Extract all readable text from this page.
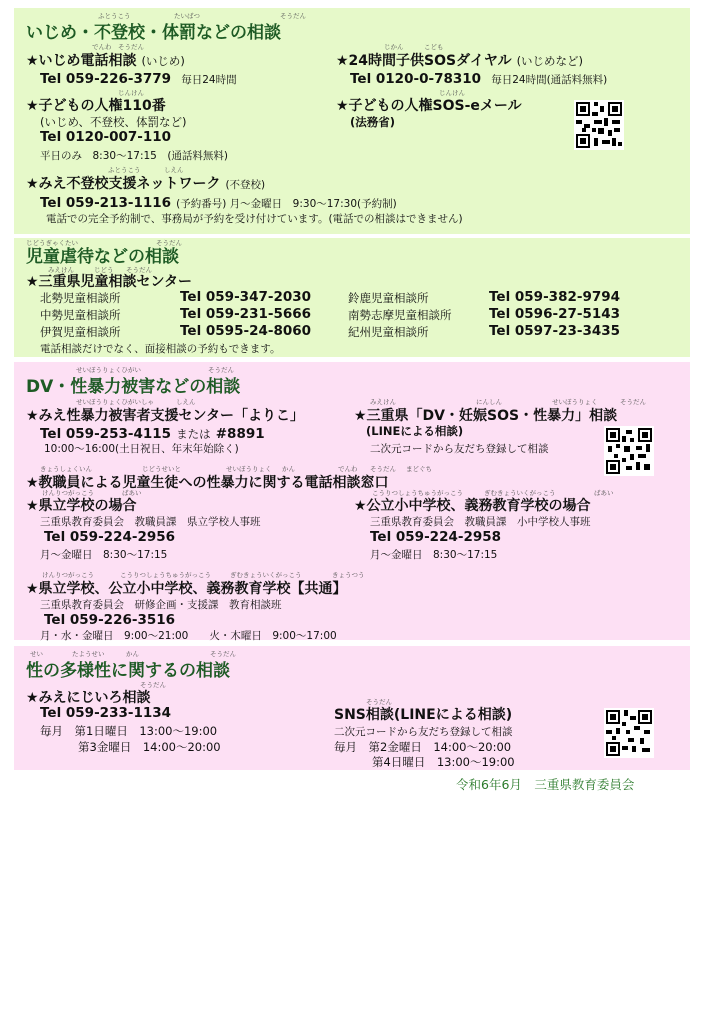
ふとうこう	たいばつ	そうだん
いじめ・不登校・体罰などの相談
でんわ そうだん
★いじめ電話相談 (いじめ)
Tel 059-226-3779 毎日24時間
じかん	こども
★24時間子供SOSダイヤル (いじめなど)
Tel 0120-0-78310 毎日24時間(通話料無料)
じんけん
★子どもの人権110番
(いじめ、不登校、体罰など)
Tel 0120-007-110
平日のみ　8:30～17:15　(通話料無料)
じんけん
★子どもの人権SOS-eメール
(法務省)
ふとうこう	しえん
★みえ不登校支援ネットワーク (不登校)
Tel 059-213-1116 (予約番号) 月～金曜日　9:30～17:30(予約制)
電話での完全予約制で、事務局が予約を受け付けています。(電話での相談はできません)
じどうぎゃくたい	そうだん
児童虐待などの相談
みえけん	じどう そうだん
★三重県児童相談センター
北勢児童相談所	Tel 059-347-2030
中勢児童相談所	Tel 059-231-5666
伊賀児童相談所	Tel 0595-24-8060
鈴鹿児童相談所	Tel 059-382-9794
南勢志摩児童相談所	Tel 0596-27-5143
紀州児童相談所	Tel 0597-23-3435
電話相談だけでなく、面接相談の予約もできます。
せいぼうりょくひがい	そうだん
DV・性暴力被害などの相談
せいぼうりょくひがいしゃ	しえん
★みえ性暴力被害者支援センター「よりこ」
Tel 059-253-4115 または #8891
10:00～16:00(土日祝日、年末年始除く)
みえけん	にんしん	せいぼうりょく	そうだん
★三重県「DV・妊娠SOS・性暴力」相談
(LINEによる相談)
二次元コードから友だち登録して相談
きょうしょくいん	じどうせいと	せいぼうりょく かん	でんわ そうだん まどぐち
★教職員による児童生徒への性暴力に関する電話相談窓口
けんりつがっこう	ばあい
★県立学校の場合
三重県教育委員会　教職員課　県立学校人事班
Tel 059-224-2956
月～金曜日　8:30～17:15
こうりつしょうちゅうがっこう	ぎむきょういくがっこう	ばあい
★公立小中学校、義務教育学校の場合
三重県教育委員会　教職員課　小中学校人事班
Tel 059-224-2958
月～金曜日　8:30～17:15
けんりつがっこう	こうりつしょうちゅうがっこう	ぎむきょういくがっこう	きょうつう
★県立学校、公立小中学校、義務教育学校【共通】
三重県教育委員会　研修企画・支援課　教育相談班
Tel 059-226-3516
月・水・金曜日　9:00～21:00　　火・木曜日　9:00～17:00
せい	たようせい	かん	そうだん
性の多様性に関するの相談
そうだん
★みえにじいろ相談
Tel 059-233-1134
毎月　第1日曜日　13:00～19:00
第3金曜日　14:00～20:00
そうだん
SNS相談(LINEによる相談)
二次元コードから友だち登録して相談
毎月　第2金曜日　14:00～20:00
第4日曜日　13:00～19:00
令和6年6月　三重県教育委員会
